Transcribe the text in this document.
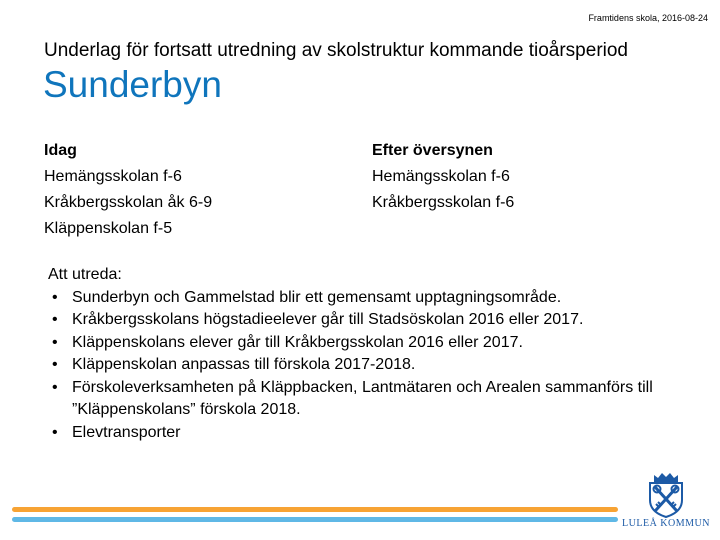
Framtidens skola, 2016-08-24
Underlag för fortsatt utredning av skolstruktur kommande tioårsperiod
Sunderbyn
Idag
Hemängsskolan f-6
Kråkbergsskolan åk 6-9
Kläppenskolan f-5
Efter översynen
Hemängsskolan f-6
Kråkbergsskolan f-6
Att utreda:
• Sunderbyn och Gammelstad blir ett gemensamt upptagningsområde.
• Kråkbergsskolans högstadieelever går till Stadsöskolan 2016 eller 2017.
• Kläppenskolans elever går till Kråkbergsskolan 2016 eller 2017.
• Kläppenskolan anpassas till förskola 2017-2018.
• Förskoleverksamheten på Kläppbacken, Lantmätaren och Arealen sammanförs till ”Kläppenskolans” förskola 2018.
• Elevtransporter
LULEÅ KOMMUN
